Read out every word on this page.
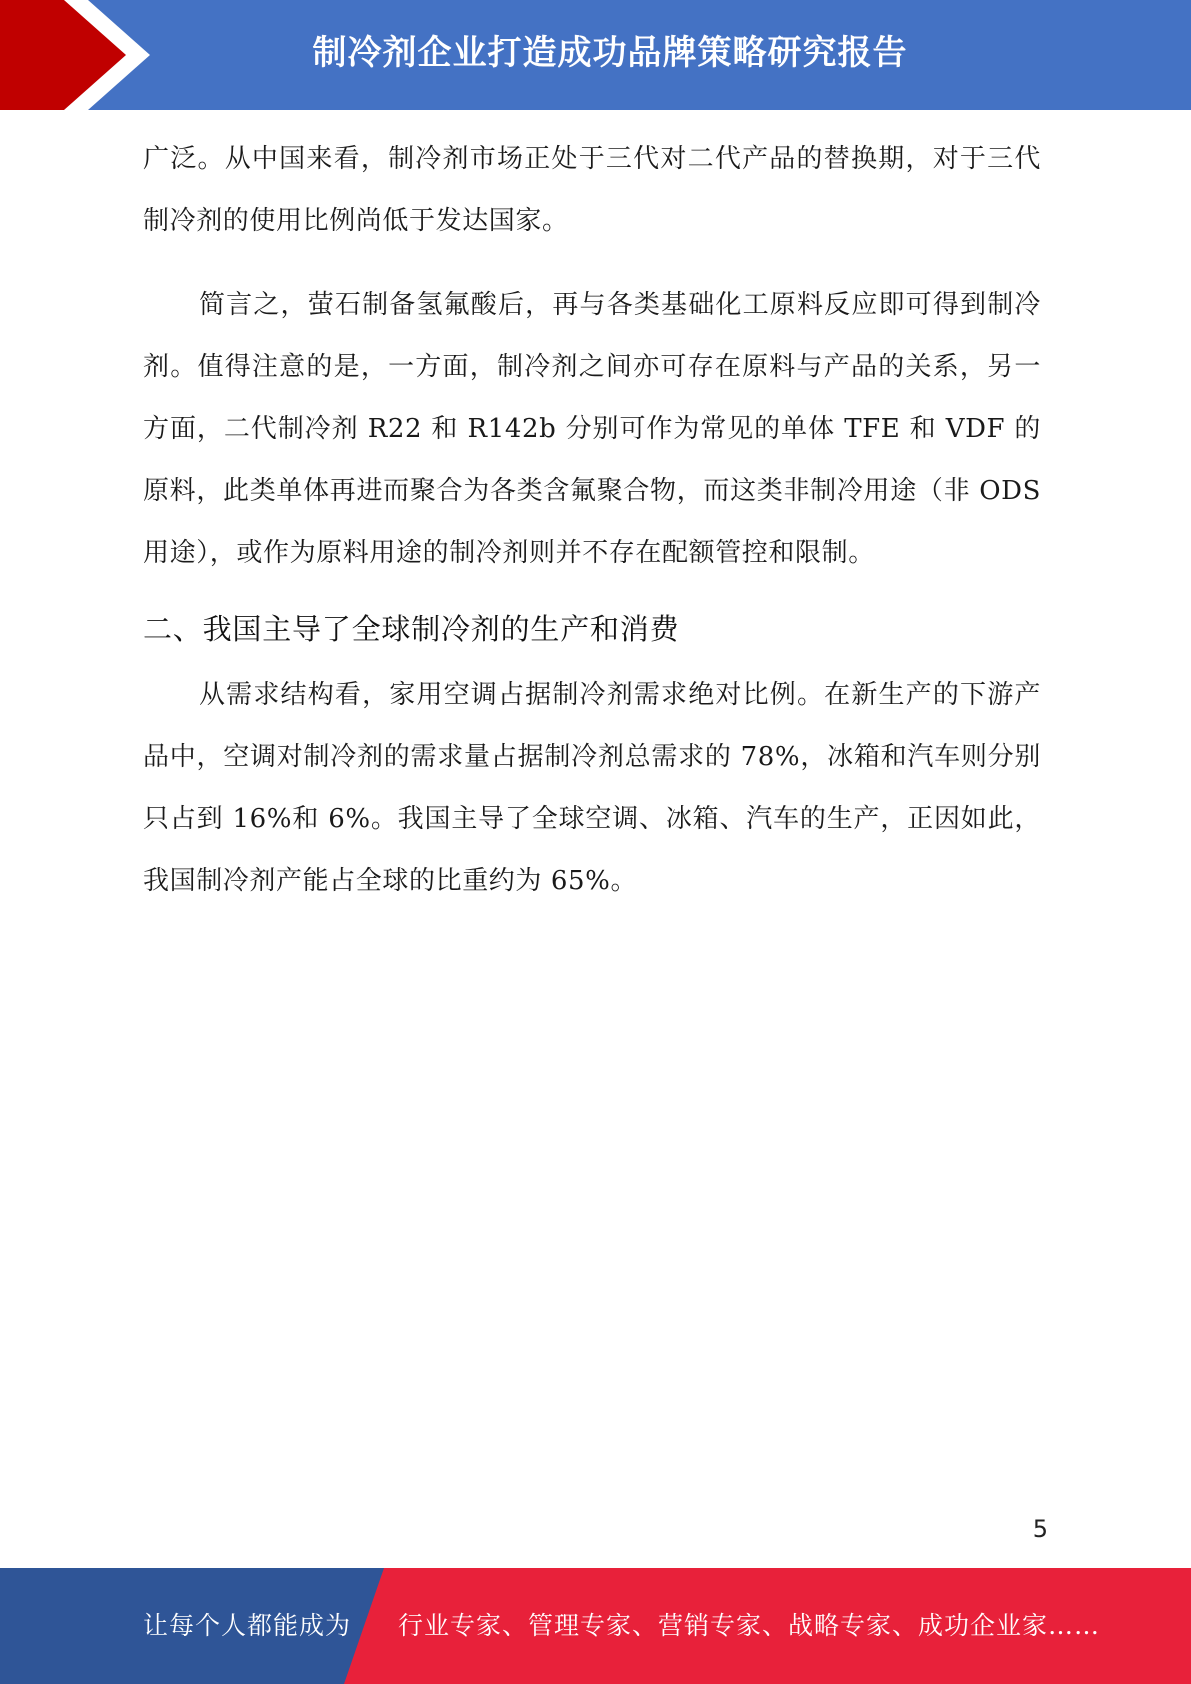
制冷剂企业打造成功品牌策略研究报告

广泛。从中国来看，制冷剂市场正处于三代对二代产品的替换期，对于三代制冷剂的使用比例尚低于发达国家。

简言之，萤石制备氢氟酸后，再与各类基础化工原料反应即可得到制冷剂。值得注意的是，一方面，制冷剂之间亦可存在原料与产品的关系，另一方面，二代制冷剂 R22 和 R142b 分别可作为常见的单体 TFE 和 VDF 的原料，此类单体再进而聚合为各类含氟聚合物，而这类非制冷用途（非 ODS 用途），或作为原料用途的制冷剂则并不存在配额管控和限制。

二、我国主导了全球制冷剂的生产和消费

从需求结构看，家用空调占据制冷剂需求绝对比例。在新生产的下游产品中，空调对制冷剂的需求量占据制冷剂总需求的 78%，冰箱和汽车则分别只占到 16%和 6%。我国主导了全球空调、冰箱、汽车的生产，正因如此，我国制冷剂产能占全球的比重约为 65%。

5
让每个人都能成为 行业专家、管理专家、营销专家、战略专家、成功企业家……
